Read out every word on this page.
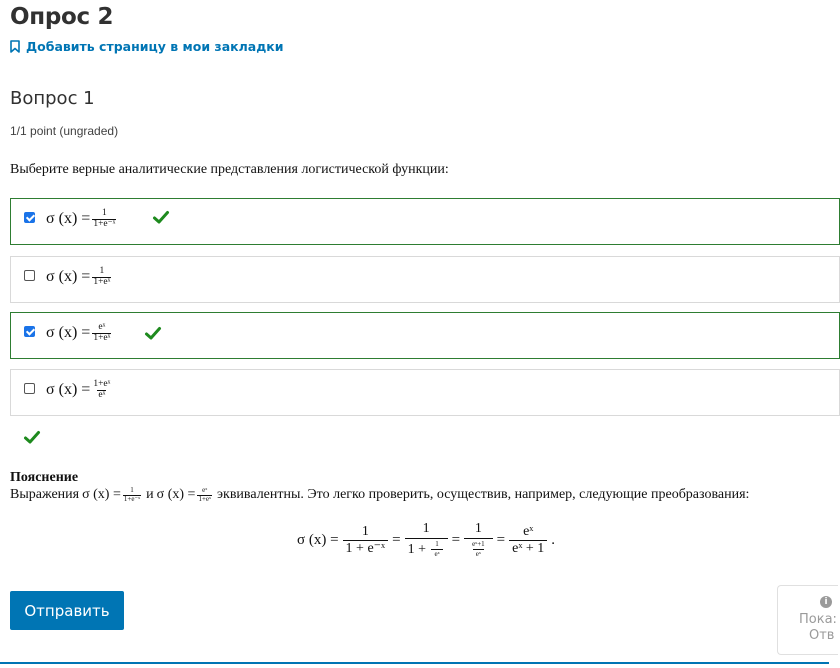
Опрос 2
Добавить страницу в мои закладки
Вопрос 1
1/1 point (ungraded)
Выберите верные аналитические представления логистической функции:
σ $(x) = \frac{1}{\text{1+e⁻ˣ}}$
σ $(x) = \frac{1}{\text{1+eˣ}}$
σ $(x) = \frac{\text{eˣ}}{\text{1+eˣ}}$
σ $(x) = \frac{\text{1+eˣ}}{\text{eˣ}}$
Пояснение
Выражения σ $(x) = \frac{1}{\text{1+e⁻ˣ}}$ и σ $(x) = \frac{\text{eˣ}}{\text{1+eˣ}}$ эквивалентны. Это легко проверить, осуществив, например, следующие преобразования:
σ $(x) = \frac{1}{\text{1 + e⁻ˣ}} = \frac{1}{1 + \frac{1}{\text{eˣ}}} = \frac{1}{\frac{\text{eˣ+1}}{\text{eˣ}}} = \frac{\text{eˣ}}{\text{eˣ + 1}}$ .
Отправить	i
Пока:
Отв
